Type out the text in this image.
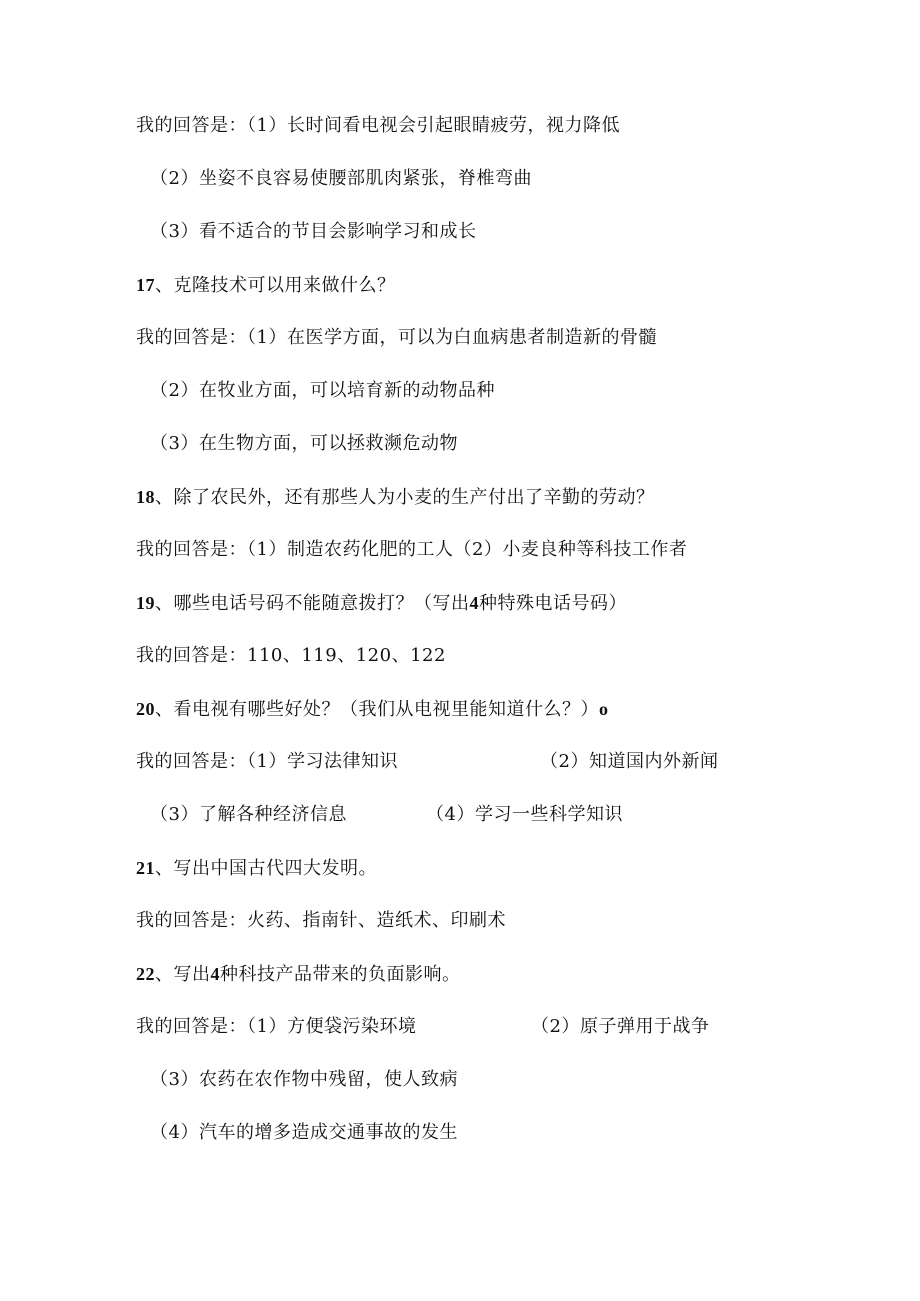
我的回答是：（1）长时间看电视会引起眼睛疲劳，视力降低
（2）坐姿不良容易使腰部肌肉紧张，脊椎弯曲
（3）看不适合的节目会影响学习和成长
17、克隆技术可以用来做什么？
我的回答是：（1）在医学方面，可以为白血病患者制造新的骨髓
（2）在牧业方面，可以培育新的动物品种
（3）在生物方面，可以拯救濒危动物
18、除了农民外，还有那些人为小麦的生产付出了辛勤的劳动？
我的回答是：（1）制造农药化肥的工人（2）小麦良种等科技工作者
19、哪些电话号码不能随意拨打？（写出4种特殊电话号码）
我的回答是：110、119、120、122
20、看电视有哪些好处？（我们从电视里能知道什么？）o
我的回答是：（1）学习法律知识	（2）知道国内外新闻
（3）了解各种经济信息	（4）学习一些科学知识
21、写出中国古代四大发明。
我的回答是：火药、指南针、造纸术、印刷术
22、写出4种科技产品带来的负面影响。
我的回答是：（1）方便袋污染环境	（2）原子弹用于战争
（3）农药在农作物中残留，使人致病
（4）汽车的增多造成交通事故的发生
